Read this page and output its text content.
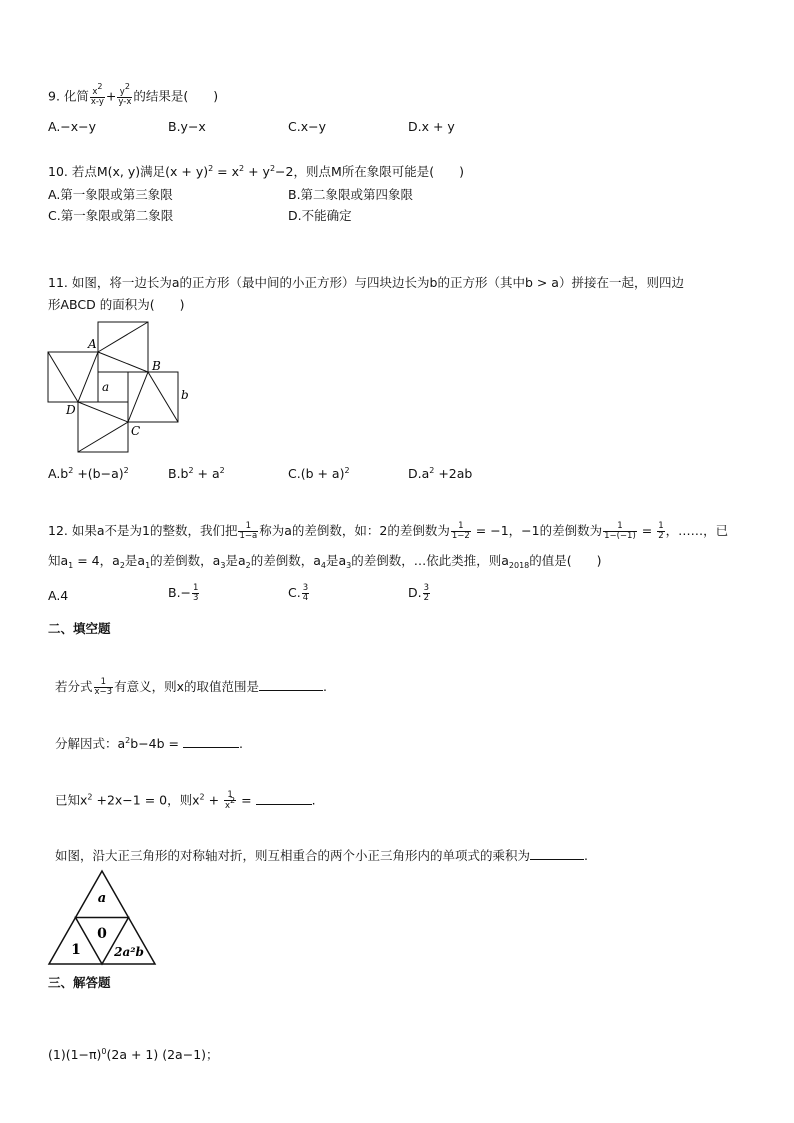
9. 化简 $\frac{x^2}{x-y} + \frac{y^2}{y-x}$ 的结果是(　　)
A.−x−y	B.y−x	C.x−y	D.x + y
10. 若点M(x, y)满足$(x + y)^2 = x^2 + y^2-2$，则点M所在象限可能是(　　)
A.第一象限或第三象限	B.第二象限或第四象限
C.第一象限或第二象限	D.不能确定
11. 如图，将一边长为a的正方形（最中间的小正方形）与四块边长为b的正方形（其中b > a）拼接在一起，则四边
形ABCD 的面积为(　　)
A
B
C
D
a
b
$A.b^2 +(b-a)^2$	$B.b^2 + a^2$	$C.(b + a)^2$	$D.a^2 +2ab$
12. 如果a不是为1的整数，我们把 $\frac{1}{1-a}$ 称为a的差倒数，如：2的差倒数为 $\frac{1}{1-2} = -1$，−1的差倒数为 $\frac{1}{1-(-1)} = \frac{1}{2}$ ，……，已
知$a_1 = 4$，$a_2$是$a_1$的差倒数，$a_3$是$a_2$的差倒数，$a_4$是$a_3$的差倒数，…依此类推，则$a_{2018}$的值是(　　)
A.4	$B.- \frac{1}{3}$	C. $\frac{3}{4}$	D. $\frac{3}{2}$
二、填空题
若分式 $\frac{1}{x-3}$ 有意义，则x的取值范围是	.
分解因式：$a^2b-4b$ =	.
已知$x^2 +2x-1 = 0$，则$x^2 + \frac{1}{x^2}$ =	.
如图，沿大正三角形的对称轴对折，则互相重合的两个小正三角形内的单项式的乘积为	.
a
1
0
2a²b
三、解答题
$(1)(1-\pi)^0(2a + 1)$ (2a−1)；
